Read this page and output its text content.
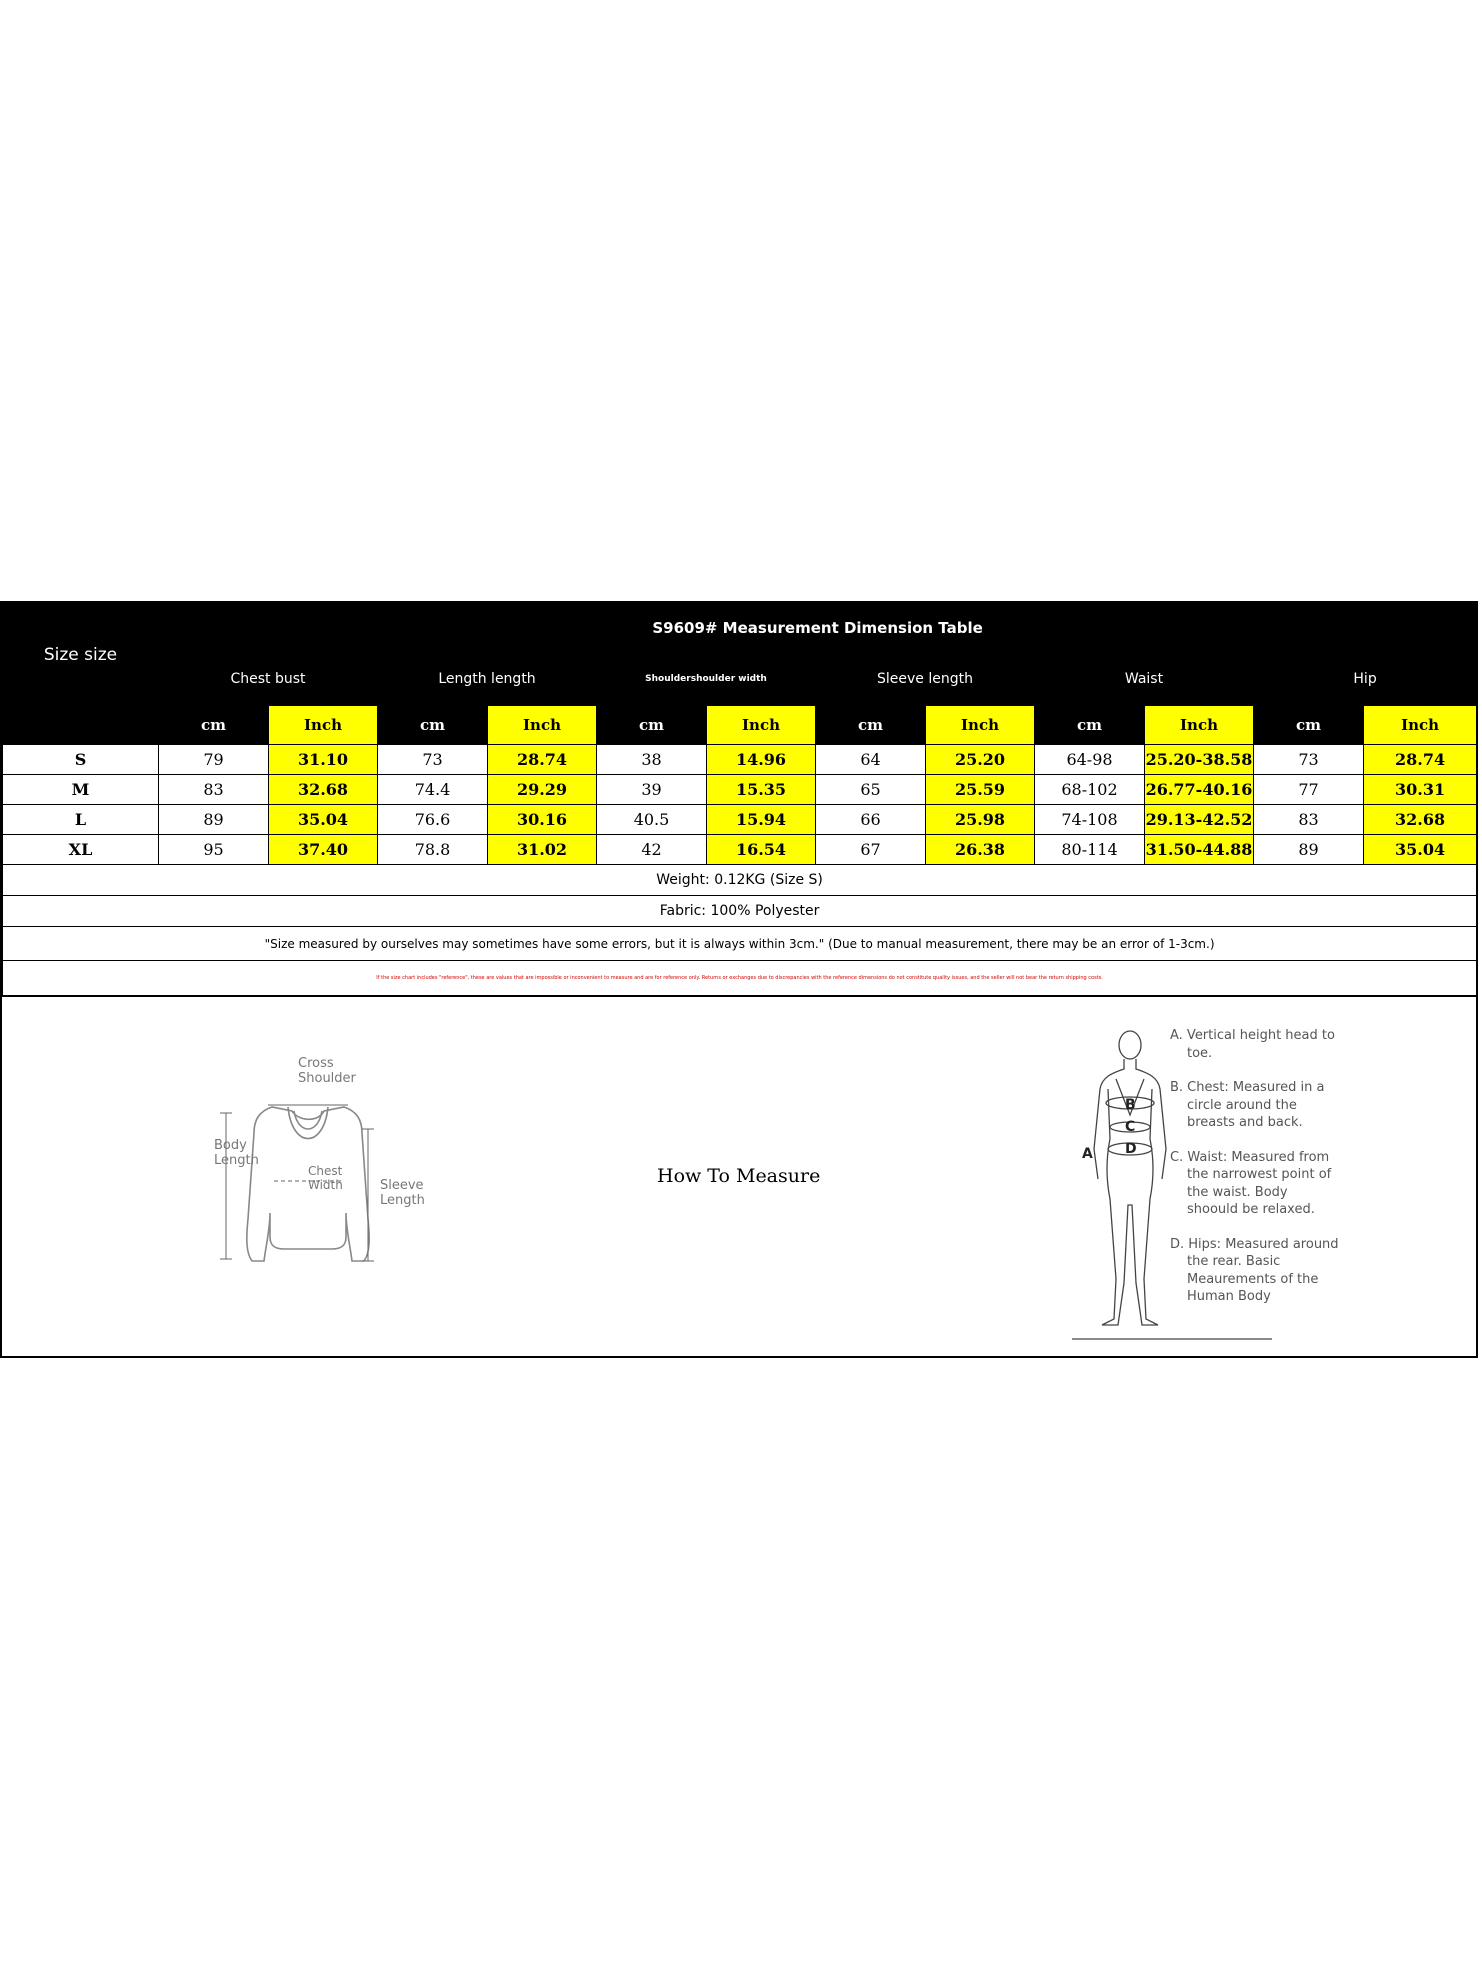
Size size	S9609# Measurement Dimension Table											
	Chest bust		Length length		Shouldershoulder width		Sleeve length		Waist		Hip	
	cm	Inch	cm	Inch	cm	Inch	cm	Inch	cm	Inch	cm	Inch
S	79	31.10	73	28.74	38	14.96	64	25.20	64-98	25.20-38.58	73	28.74
M	83	32.68	74.4	29.29	39	15.35	65	25.59	68-102	26.77-40.16	77	30.31
L	89	35.04	76.6	30.16	40.5	15.94	66	25.98	74-108	29.13-42.52	83	32.68
XL	95	37.40	78.8	31.02	42	16.54	67	26.38	80-114	31.50-44.88	89	35.04
Weight: 0.12KG (Size S)												
Fabric: 100% Polyester												
"Size measured by ourselves may sometimes have some errors, but it is always within 3cm." (Due to manual measurement, there may be an error of 1-3cm.)												
If the size chart includes "reference", these are values that are impossible or inconvenient to measure and are for reference only. Returns or exchanges due to discrepancies with the reference dimensions do not constitute quality issues, and the seller will not bear the return shipping costs.												
Cross
Shoulder
Body
Length
Chest
Width	Sleeve
Length
How To Measure
A
B
C
D

A. Vertical height head to toe.

B. Chest: Measured in a circle around the breasts and back.

C. Waist: Measured from the narrowest point of the waist. Body shoould be relaxed.

D. Hips: Measured around the rear. Basic Meaurements of the Human Body
